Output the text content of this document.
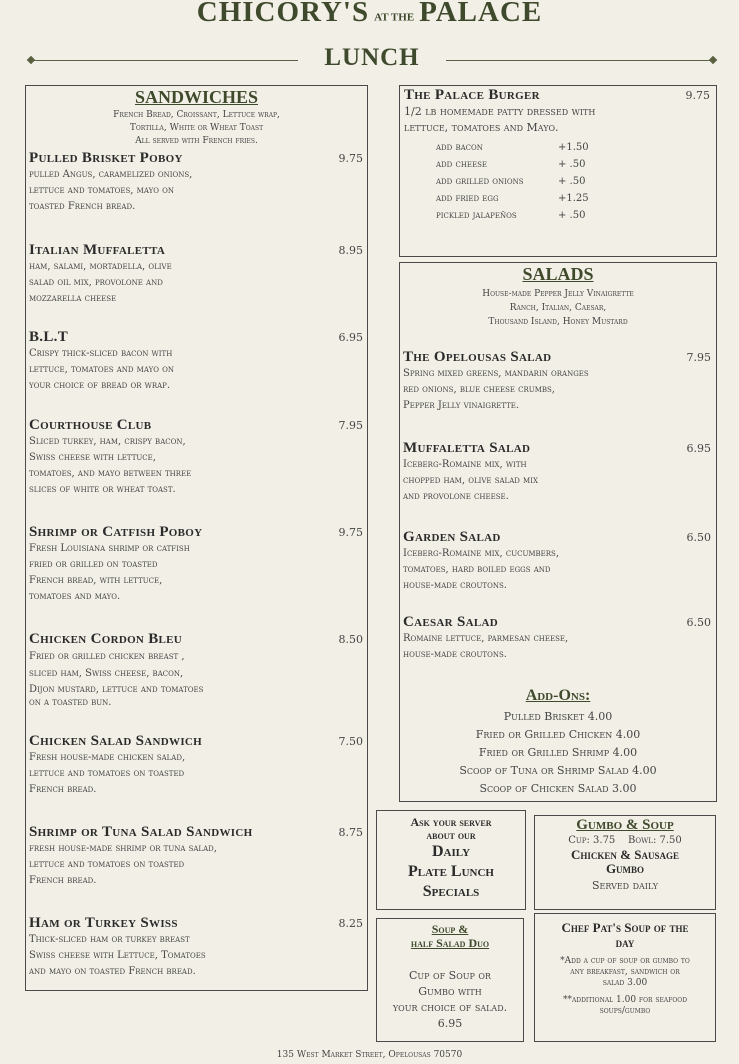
CHICORY'S AT THE PALACE
LUNCH
SANDWICHES
French Bread, Croissant, Lettuce wrap,
Tortilla, White or Wheat Toast
All served with French fries.
Pulled Brisket Poboy	9.75
pulled Angus, caramelized onions,
lettuce and tomatoes, mayo on
toasted French bread.
Italian Muffaletta	8.95
ham, salami, mortadella, olive
salad oil mix, provolone and
mozzarella cheese
B.L.T	6.95
Crispy thick-sliced bacon with
lettuce, tomatoes and mayo on
your choice of bread or wrap.
Courthouse Club	7.95
Sliced turkey, ham, crispy bacon,
Swiss cheese with lettuce,
tomatoes, and mayo between three
slices of white or wheat toast.
Shrimp or Catfish Poboy	9.75
Fresh Louisiana shrimp or catfish
fried or grilled on toasted
French bread, with lettuce,
tomatoes and mayo.
Chicken Cordon Bleu	8.50
Fried or grilled chicken breast ,
sliced ham, Swiss cheese, bacon,
Dijon mustard, lettuce and tomatoes
on a toasted bun.
Chicken Salad Sandwich	7.50
Fresh house-made chicken salad,
lettuce and tomatoes on toasted
French bread.
Shrimp or Tuna Salad Sandwich	8.75
fresh house-made shrimp or tuna salad,
lettuce and tomatoes on toasted
French bread.
Ham or Turkey Swiss	8.25
Thick-sliced ham or turkey breast
Swiss cheese with Lettuce, Tomatoes
and mayo on toasted French bread.
The Palace Burger	9.75
1/2 lb homemade patty dressed with
lettuce, tomatoes and Mayo.
add bacon	+1.50
add cheese	+ .50
add grilled onions	+ .50
add fried egg	+1.25
pickled jalapeños	+ .50
SALADS
House-made Pepper Jelly Vinaigrette
Ranch, Italian, Caesar,
Thousand Island, Honey Mustard
The Opelousas Salad	7.95
Spring mixed greens, mandarin oranges
red onions, blue cheese crumbs,
Pepper Jelly vinaigrette.
Muffaletta Salad	6.95
Iceberg-Romaine mix, with
chopped ham, olive salad mix
and provolone cheese.
Garden Salad	6.50
Iceberg-Romaine mix, cucumbers,
tomatoes, hard boiled eggs and
house-made croutons.
Caesar Salad	6.50
Romaine lettuce, parmesan cheese,
house-made croutons.
Add-Ons:
Pulled Brisket 4.00
Fried or Grilled Chicken 4.00
Fried or Grilled Shrimp 4.00
Scoop of Tuna or Shrimp Salad 4.00
Scoop of Chicken Salad 3.00
Ask your server
about our
Daily
Plate Lunch
Specials
Gumbo & Soup
Cup: 3.75 Bowl: 7.50
Chicken & Sausage
Gumbo
Served daily
Soup &
half Salad Duo
Cup of Soup or
Gumbo with
your choice of salad.
6.95
Chef Pat's Soup of the
day
*Add a cup of soup or gumbo to
any breakfast, sandwich or
salad 3.00
**additional 1.00 for seafood
soups/gumbo
135 West Market Street, Opelousas 70570
